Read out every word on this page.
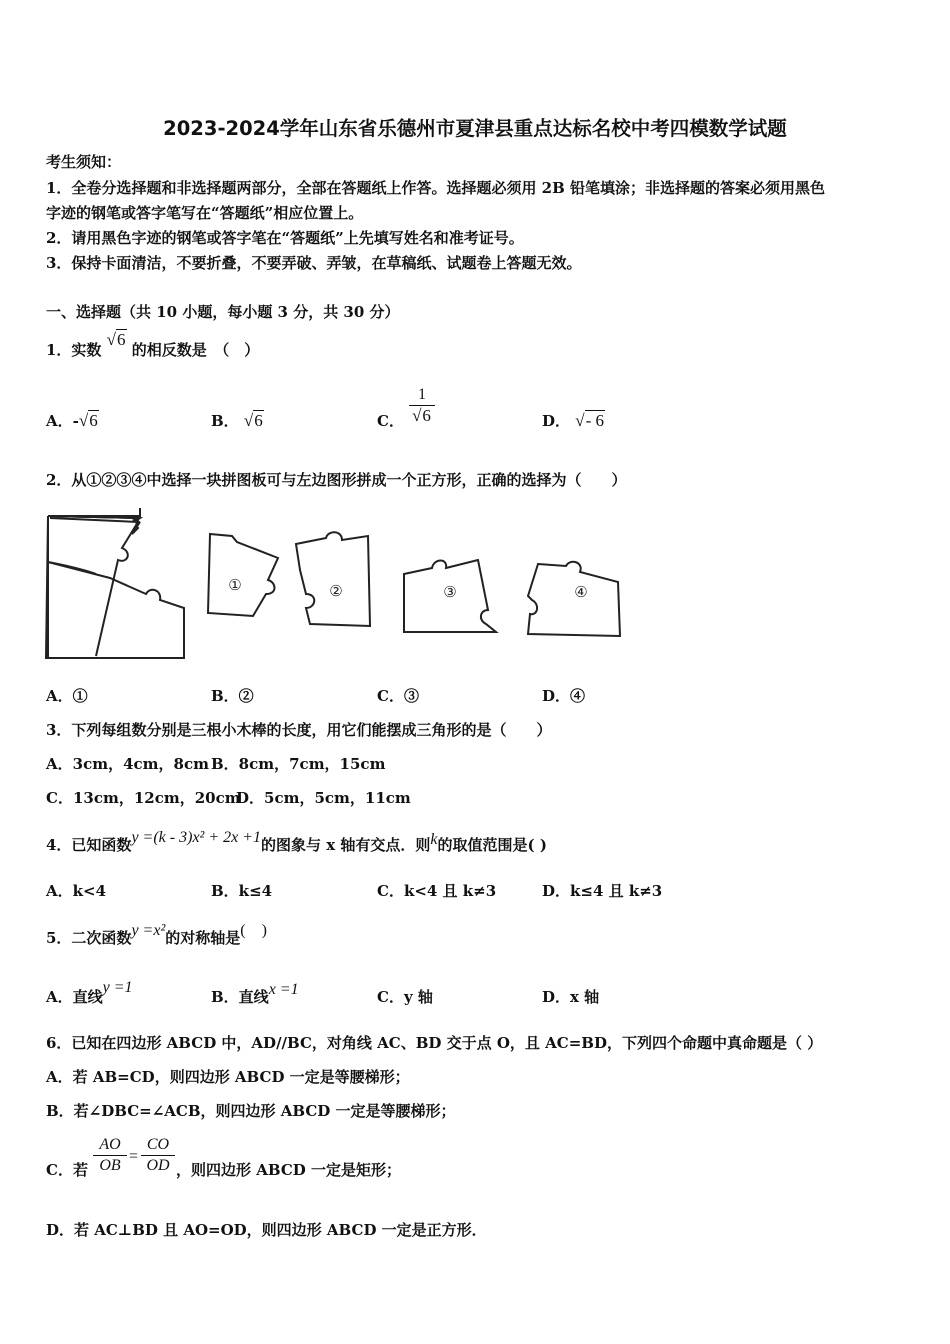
2023-2024学年山东省乐德州市夏津县重点达标名校中考四模数学试题
考生须知：
1．全卷分选择题和非选择题两部分，全部在答题纸上作答。选择题必须用 2B 铅笔填涂；非选择题的答案必须用黑色
字迹的钢笔或答字笔写在“答题纸”相应位置上。
2．请用黑色字迹的钢笔或答字笔在“答题纸”上先填写姓名和准考证号。
3．保持卡面清洁，不要折叠，不要弄破、弄皱，在草稿纸、试题卷上答题无效。
一、选择题（共 10 小题，每小题 3 分，共 30 分）
1．实数 √6 的相反数是　（　）
A．-√6	B． √6	C． $\frac{1}{√6}$	D． √- 6
2．从①②③④中选择一块拼图板可与左边图形拼成一个正方形，正确的选择为（　　）
①	②	③	④
A．①	B．②	C．③	D．④
3．下列每组数分别是三根小木棒的长度，用它们能摆成三角形的是（　　）
A．3cm，4cm，8cm B．8cm，7cm，15cm
C．13cm，12cm，20cm
D．5cm，5cm，11cm
4．已知函数y =(k - 3)x² + 2x +1的图象与 x 轴有交点．则k的取值范围是( )
A．k<4	B．k≤4	C．k<4 且 k≠3	D．k≤4 且 k≠3
5．二次函数y =x²的对称轴是(　)
A．直线y =1
B．直线x =1	C．y 轴	D．x 轴
6．已知在四边形 ABCD 中，AD//BC，对角线 AC、BD 交于点 O，且 AC=BD，下列四个命题中真命题是（ ）
A．若 AB=CD，则四边形 ABCD 一定是等腰梯形；
B．若∠DBC=∠ACB，则四边形 ABCD 一定是等腰梯形；
C．若 $\frac{AO}{OB} = \frac{CO}{OD}$ ，则四边形 ABCD 一定是矩形；
D．若 AC⊥BD 且 AO=OD，则四边形 ABCD 一定是正方形．
